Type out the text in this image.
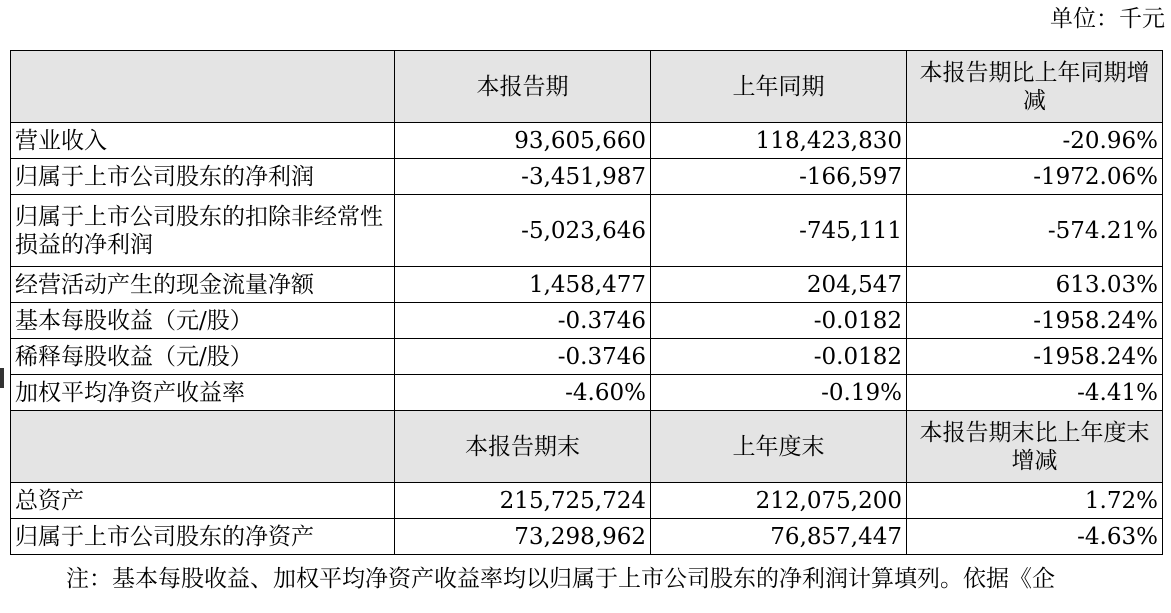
单位：千元
	本报告期	上年同期	本报告期比上年同期增减
营业收入	93,605,660	118,423,830	-20.96%
归属于上市公司股东的净利润	-3,451,987	-166,597	-1972.06%
归属于上市公司股东的扣除非经常性损益的净利润	-5,023,646	-745,111	-574.21%
经营活动产生的现金流量净额	1,458,477	204,547	613.03%
基本每股收益（元/股）	-0.3746	-0.0182	-1958.24%
稀释每股收益（元/股）	-0.3746	-0.0182	-1958.24%
加权平均净资产收益率	-4.60%	-0.19%	-4.41%
	本报告期末	上年度末	本报告期末比上年度末增减
总资产	215,725,724	212,075,200	1.72%
归属于上市公司股东的净资产	73,298,962	76,857,447	-4.63%
注：基本每股收益、加权平均净资产收益率均以归属于上市公司股东的净利润计算填列。依据《企
